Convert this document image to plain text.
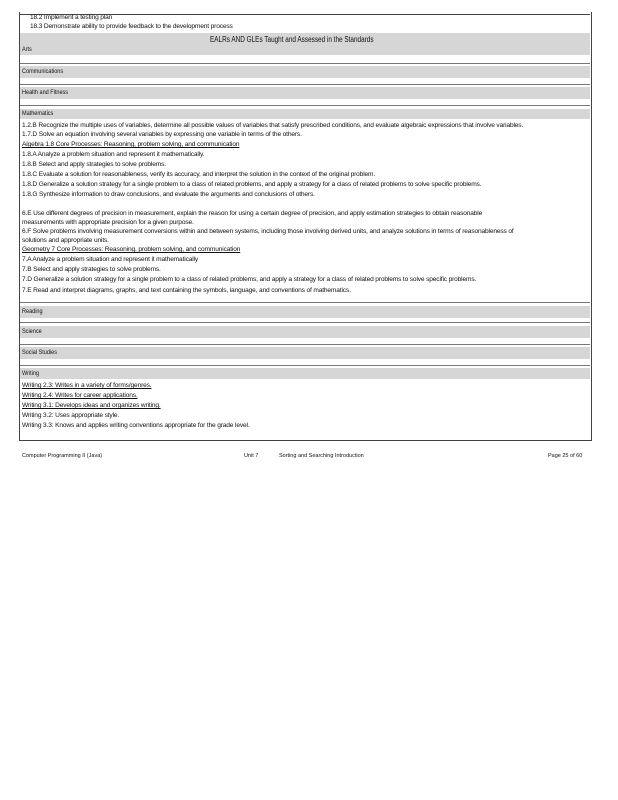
18.2 Implement a testing plan
18.3 Demonstrate ability to provide feedback to the development process
EALRs AND GLEs Taught and Assessed in the Standards
Arts
Communications
Health and Fitness
Mathematics
1.2.B Recognize the multiple uses of variables, determine all possible values of variables that satisfy prescribed conditions, and evaluate algebraic expressions that involve variables.
1.7.D Solve an equation involving several variables by expressing one variable in terms of the others.
Algebra 1.8 Core Processes: Reasoning, problem solving, and communication
1.8.A Analyze a problem situation and represent it mathematically.
1.8.B Select and apply strategies to solve problems.
1.8.C Evaluate a solution for reasonableness, verify its accuracy, and interpret the solution in the context of the original problem.
1.8.D Generalize a solution strategy for a single problem to a class of related problems, and apply a strategy for a class of related problems to solve specific problems.
1.8.G Synthesize information to draw conclusions, and evaluate the arguments and conclusions of others.
6.E Use different degrees of precision in measurement, explain the reason for using a certain degree of precision, and apply estimation strategies to obtain reasonable
measurements with appropriate precision for a given purpose.
6.F Solve problems involving measurement conversions within and between systems, including those involving derived units, and analyze solutions in terms of reasonableness of
solutions and appropriate units.
Geometry 7 Core Processes: Reasoning, problem solving, and communication
7.A Analyze a problem situation and represent it mathematically
7.B Select and apply strategies to solve problems.
7.D Generalize a solution strategy for a single problem to a class of related problems, and apply a strategy for a class of related problems to solve specific problems.
7.E Read and interpret diagrams, graphs, and text containing the symbols, language, and conventions of mathematics.
Reading
Science
Social Studies
Writing
Writing 2.3: Writes in a variety of forms/genres.
Writing 2.4: Writes for career applications.
Writing 3.1: Develops ideas and organizes writing.
Writing 3.2: Uses appropriate style.
Writing 3.3: Knows and applies writing conventions appropriate for the grade level.
Computer Programming II (Java)	Unit 7	Sorting and Searching Introduction	Page 25 of 60
